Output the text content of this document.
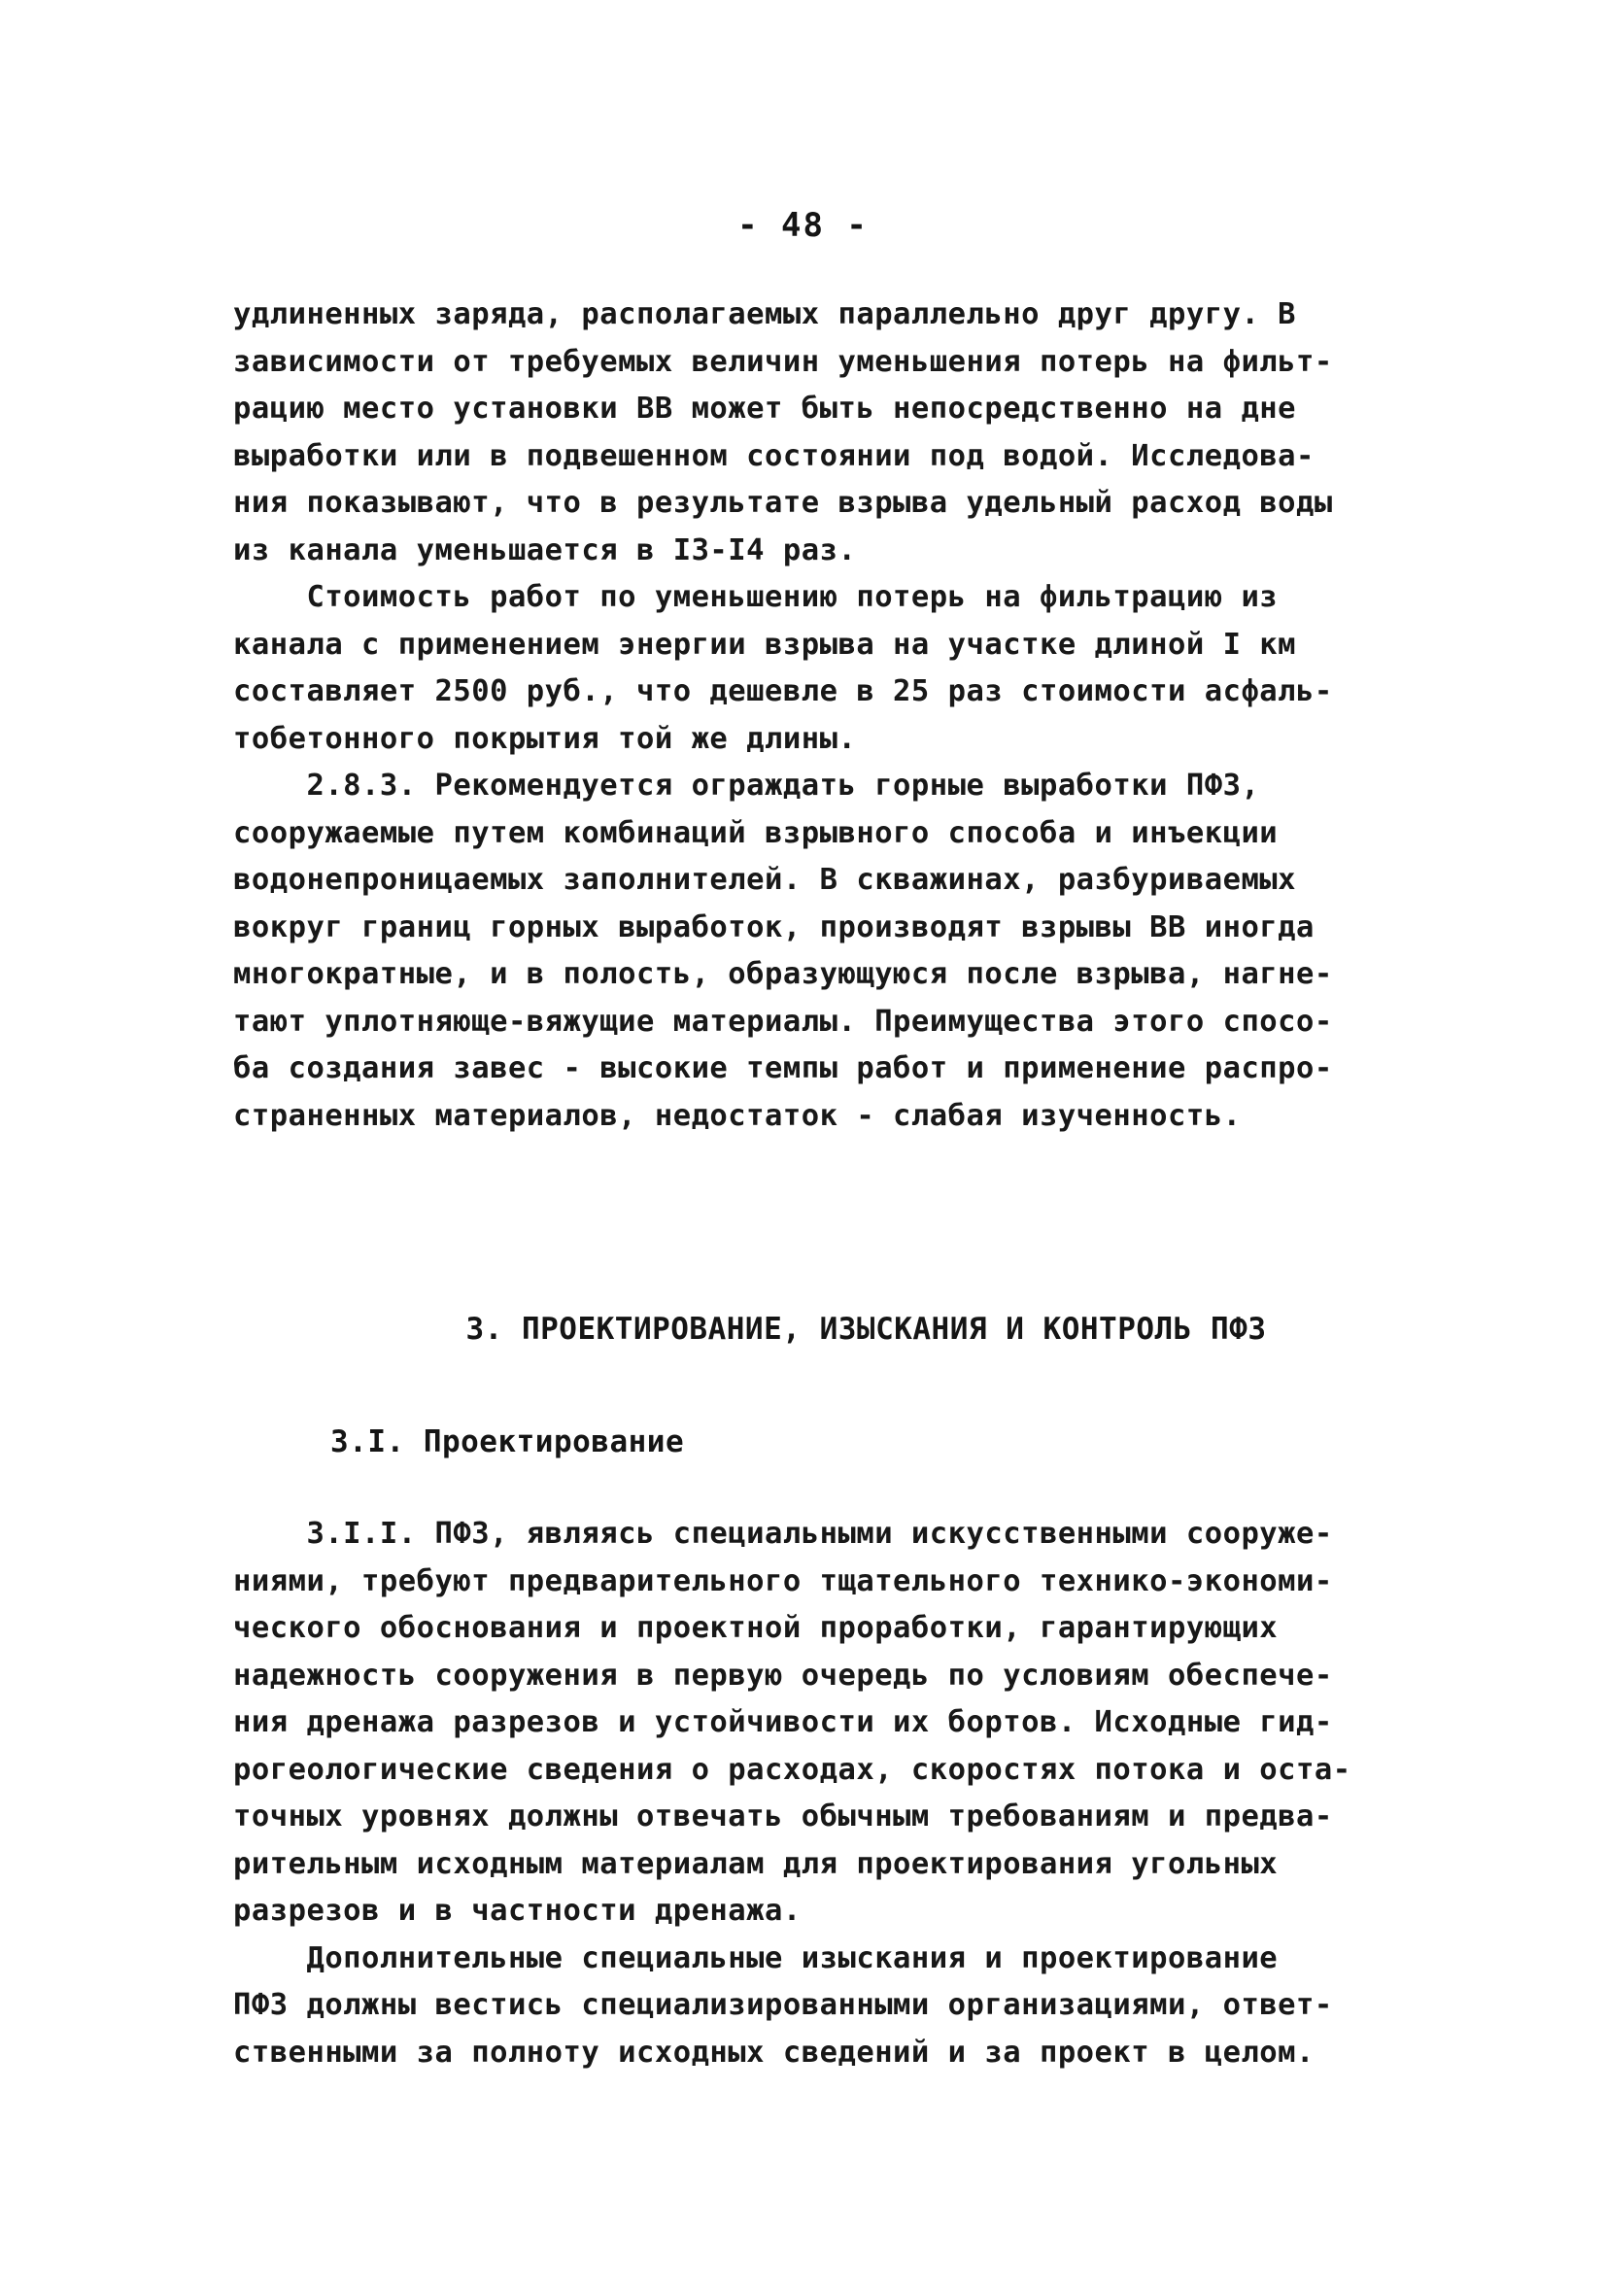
- 48 -
удлиненных заряда, располагаемых параллельно друг другу. В
зависимости от требуемых величин уменьшения потерь на фильт-
рацию место установки ВВ может быть непосредственно на дне
выработки или в подвешенном состоянии под водой. Исследова-
ния показывают, что в результате взрыва удельный расход воды
из канала уменьшается в I3-I4 раз.
Стоимость работ по уменьшению потерь на фильтрацию из
канала с применением энергии взрыва на участке длиной I км
составляет 2500 руб., что дешевле в 25 раз стоимости асфаль-
тобетонного покрытия той же длины.
2.8.3. Рекомендуется ограждать горные выработки ПФЗ,
сооружаемые путем комбинаций взрывного способа и инъекции
водонепроницаемых заполнителей. В скважинах, разбуриваемых
вокруг границ горных выработок, производят взрывы ВВ иногда
многократные, и в полость, образующуюся после взрыва, нагне-
тают уплотняюще-вяжущие материалы. Преимущества этого спосо-
ба создания завес - высокие темпы работ и применение распро-
страненных материалов, недостаток - слабая изученность.
3. ПРОЕКТИРОВАНИЕ, ИЗЫСКАНИЯ И КОНТРОЛЬ ПФЗ
3.I. Проектирование
3.I.I. ПФЗ, являясь специальными искусственными сооруже-
ниями, требуют предварительного тщательного технико-экономи-
ческого обоснования и проектной проработки, гарантирующих
надежность сооружения в первую очередь по условиям обеспече-
ния дренажа разрезов и устойчивости их бортов. Исходные гид-
рогеологические сведения о расходах, скоростях потока и оста-
точных уровнях должны отвечать обычным требованиям и предва-
рительным исходным материалам для проектирования угольных
разрезов и в частности дренажа.
Дополнительные специальные изыскания и проектирование
ПФЗ должны вестись специализированными организациями, ответ-
ственными за полноту исходных сведений и за проект в целом.
